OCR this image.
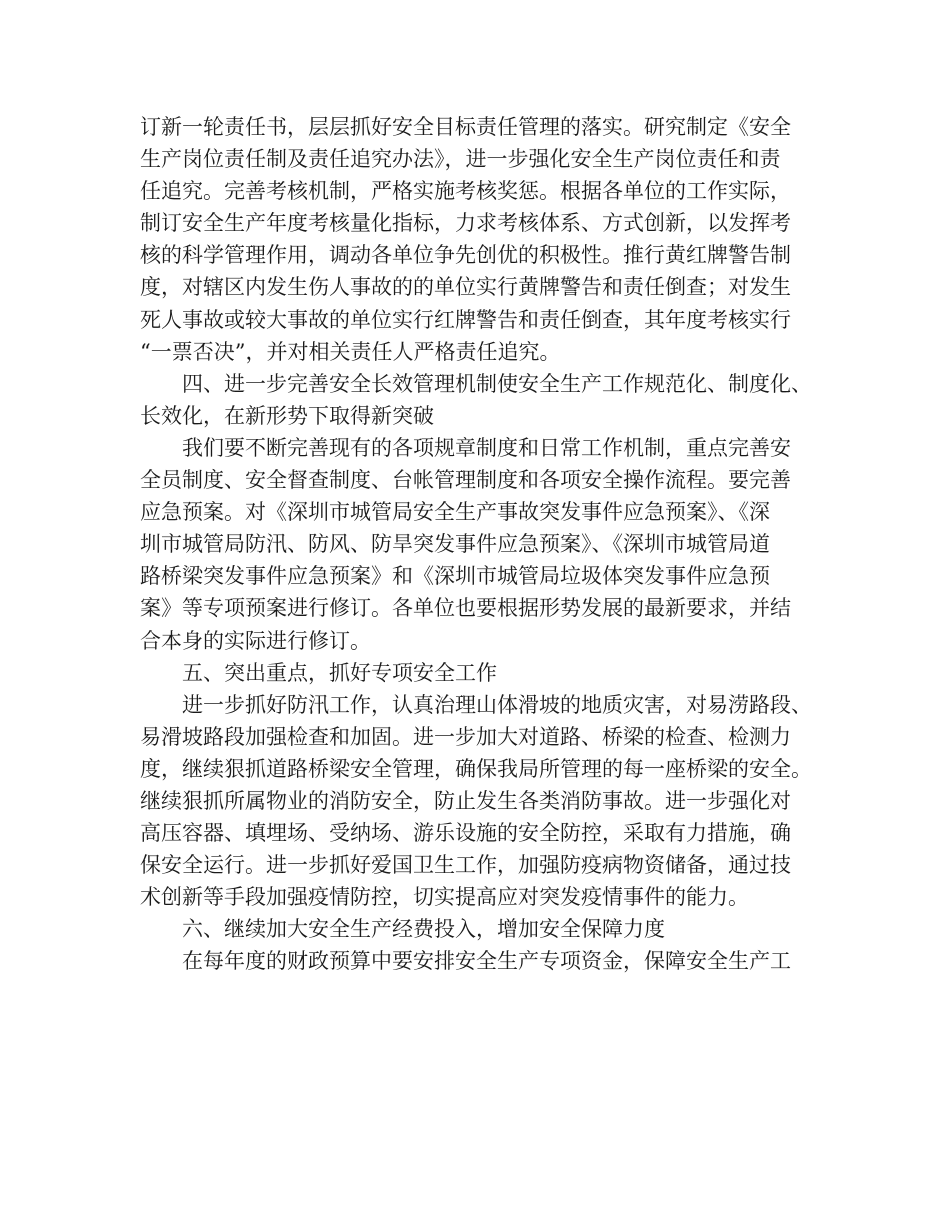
订新一轮责任书，层层抓好安全目标责任管理的落实。研究制定《安全
生产岗位责任制及责任追究办法》，进一步强化安全生产岗位责任和责
任追究。完善考核机制，严格实施考核奖惩。根据各单位的工作实际，
制订安全生产年度考核量化指标，力求考核体系、方式创新，以发挥考
核的科学管理作用，调动各单位争先创优的积极性。推行黄红牌警告制
度，对辖区内发生伤人事故的的单位实行黄牌警告和责任倒查；对发生
死人事故或较大事故的单位实行红牌警告和责任倒查，其年度考核实行
“一票否决”，并对相关责任人严格责任追究。
四、进一步完善安全长效管理机制使安全生产工作规范化、制度化、
长效化，在新形势下取得新突破
我们要不断完善现有的各项规章制度和日常工作机制，重点完善安
全员制度、安全督查制度、台帐管理制度和各项安全操作流程。要完善
应急预案。对《深圳市城管局安全生产事故突发事件应急预案》、《深
圳市城管局防汛、防风、防旱突发事件应急预案》、《深圳市城管局道
路桥梁突发事件应急预案》和《深圳市城管局垃圾体突发事件应急预
案》等专项预案进行修订。各单位也要根据形势发展的最新要求，并结
合本身的实际进行修订。
五、突出重点，抓好专项安全工作
进一步抓好防汛工作，认真治理山体滑坡的地质灾害，对易涝路段、
易滑坡路段加强检查和加固。进一步加大对道路、桥梁的检查、检测力
度，继续狠抓道路桥梁安全管理，确保我局所管理的每一座桥梁的安全。
继续狠抓所属物业的消防安全，防止发生各类消防事故。进一步强化对
高压容器、填埋场、受纳场、游乐设施的安全防控，采取有力措施，确
保安全运行。进一步抓好爱国卫生工作，加强防疫病物资储备，通过技
术创新等手段加强疫情防控，切实提高应对突发疫情事件的能力。
六、继续加大安全生产经费投入，增加安全保障力度
在每年度的财政预算中要安排安全生产专项资金，保障安全生产工
